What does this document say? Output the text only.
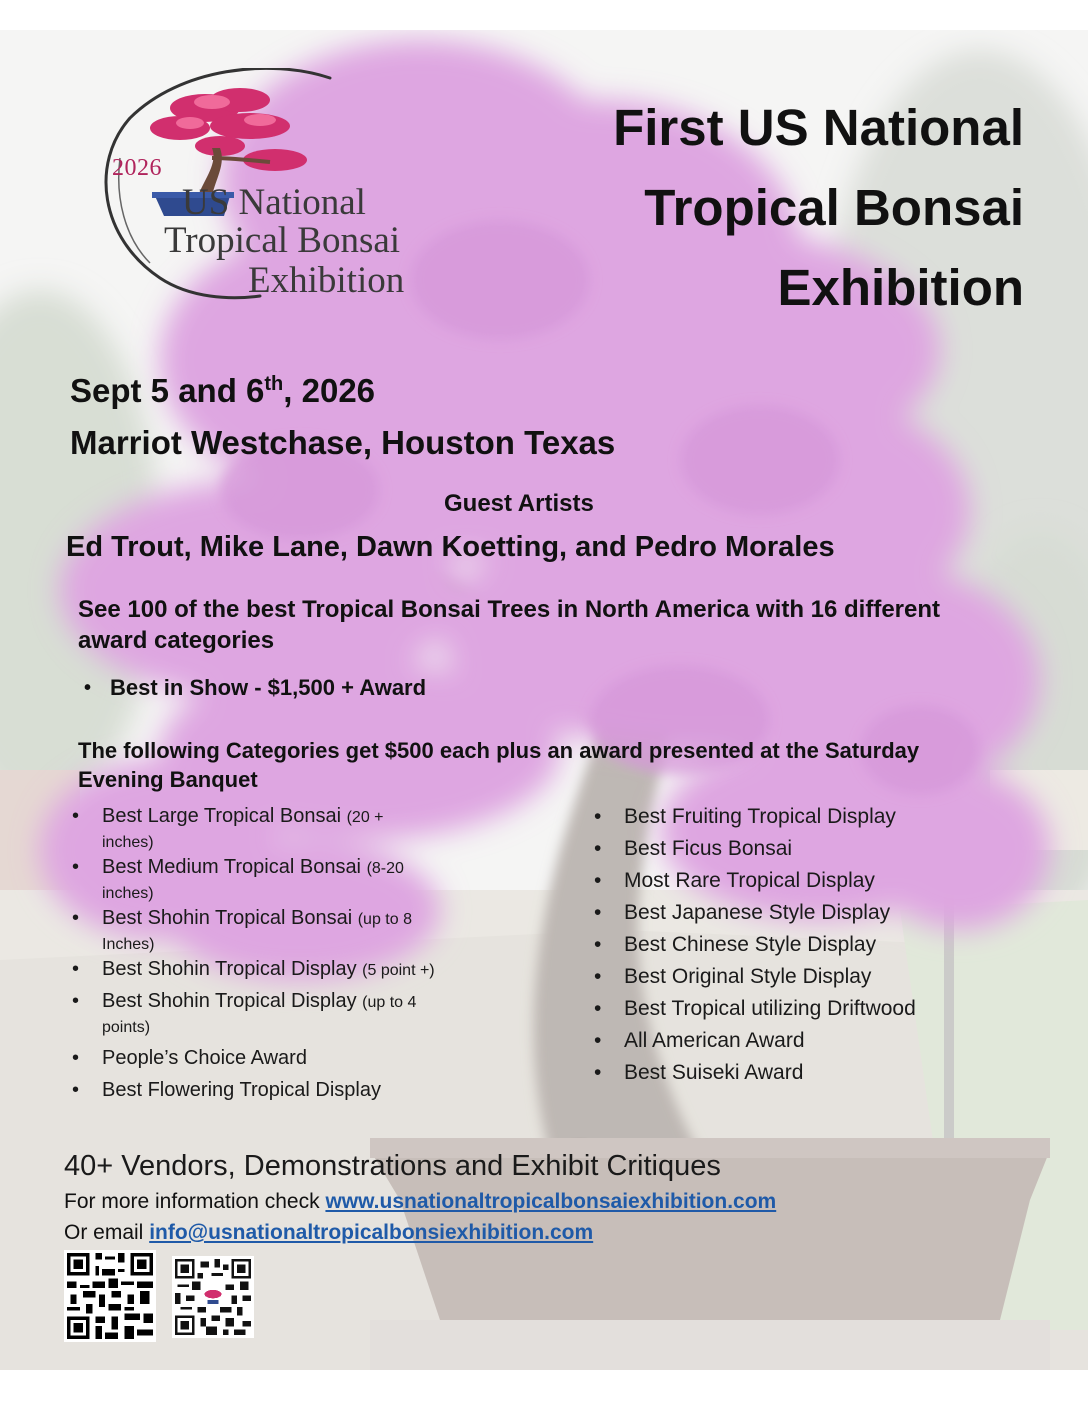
2026
US National
Tropical Bonsai
Exhibition
First US National
Tropical Bonsai
Exhibition
Sept 5 and 6th, 2026
Marriot Westchase, Houston Texas
Guest Artists
Ed Trout, Mike Lane, Dawn Koetting, and Pedro Morales
See 100 of the best Tropical Bonsai Trees in North America with 16 different award categories
• Best in Show - $1,500 + Award
The following Categories get $500 each plus an award presented at the Saturday Evening Banquet
• Best Large Tropical Bonsai (20 +
inches)
• Best Medium Tropical Bonsai (8-20
inches)
• Best Shohin Tropical Bonsai (up to 8
Inches)
• Best Shohin Tropical Display (5 point +)
• Best Shohin Tropical Display (up to 4
points)
• People’s Choice Award
• Best Flowering Tropical Display
• Best Fruiting Tropical Display
• Best Ficus Bonsai
• Most Rare Tropical Display
• Best Japanese Style Display
• Best Chinese Style Display
• Best Original Style Display
• Best Tropical utilizing Driftwood
• All American Award
• Best Suiseki Award
40+ Vendors, Demonstrations and Exhibit Critiques
For more information check www.usnationaltropicalbonsaiexhibition.com
Or email info@usnationaltropicalbonsiexhibition.com
